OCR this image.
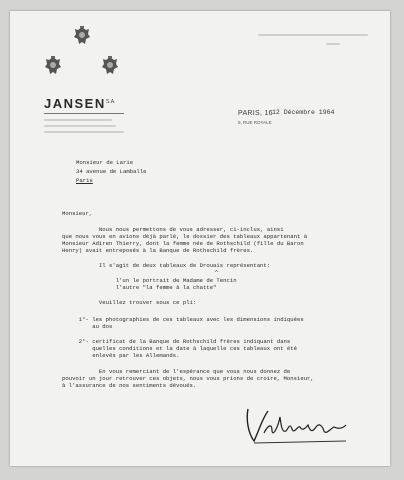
JANSEN S.A.
PARIS, 16
9, RUE ROYALE
12 Décembre 1964
Monsieur de Larie
34 avenue de Lamballe
Paris
Monsieur,
Nous nous permettons de vous adresser, ci-inclus, ainsi
que nous vous en avions déjà parlé, le dossier des tableaux appartenant à
Monsieur Adiren Thierry, dont la femme née de Rothschild (fille du Baron
Henry) avait entreposés à la Banque de Rothschild frères.
Il s'agit de deux tableaux de Drouais représentant:
^
l'un le portrait de Madame de Tencin
l'autre "la femme à la chatte"
Veuillez trouver sous ce pli:
1°- les photographies de ces tableaux avec les dimensions indiquées
au dos
2°- certificat de la Banque de Rothschild frères indiquant dans
quelles conditions et la date à laquelle ces tableaux ont été
enlevés par les Allemands.
En vous remerciant de l'espérance que vous nous donnez de
pouvoir un jour retrouver ces objets, nous vous prions de croire, Monsieur,
à l'assurance de nos sentiments dévoués.
